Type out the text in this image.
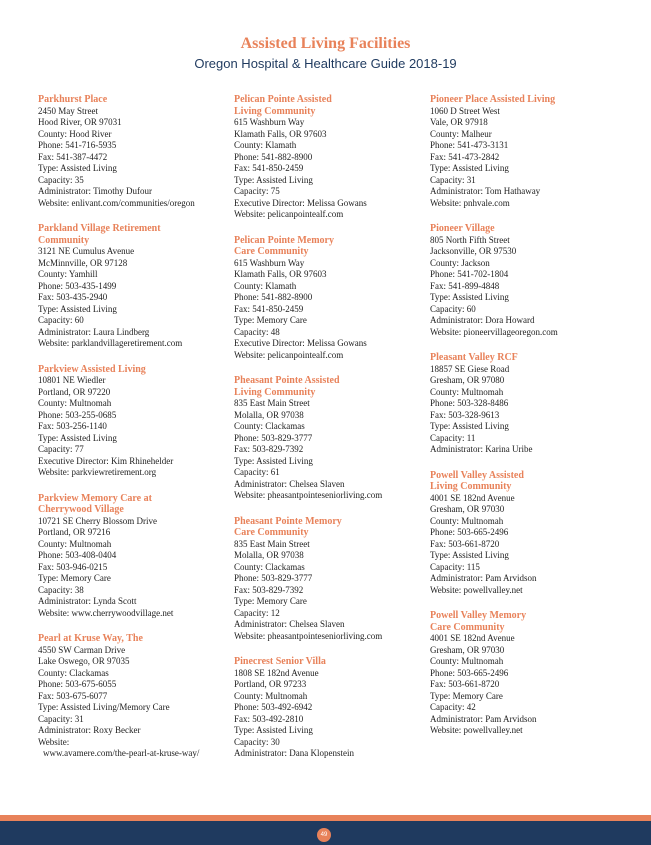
Assisted Living Facilities
Oregon Hospital & Healthcare Guide 2018-19
Parkhurst Place
2450 May Street
Hood River, OR 97031
County: Hood River
Phone: 541-716-5935
Fax: 541-387-4472
Type: Assisted Living
Capacity: 35
Administrator: Timothy Dufour
Website: enlivant.com/communities/oregon
Parkland Village Retirement
Community
3121 NE Cumulus Avenue
McMinnville, OR 97128
County: Yamhill
Phone: 503-435-1499
Fax: 503-435-2940
Type: Assisted Living
Capacity: 60
Administrator: Laura Lindberg
Website: parklandvillageretirement.com
Parkview Assisted Living
10801 NE Wiedler
Portland, OR 97220
County: Multnomah
Phone: 503-255-0685
Fax: 503-256-1140
Type: Assisted Living
Capacity: 77
Executive Director: Kim Rhinehelder
Website: parkviewretirement.org
Parkview Memory Care at
Cherrywood Village
10721 SE Cherry Blossom Drive
Portland, OR 97216
County: Multnomah
Phone: 503-408-0404
Fax: 503-946-0215
Type: Memory Care
Capacity: 38
Administrator: Lynda Scott
Website: www.cherrywoodvillage.net
Pearl at Kruse Way, The
4550 SW Carman Drive
Lake Oswego, OR 97035
County: Clackamas
Phone: 503-675-6055
Fax: 503-675-6077
Type: Assisted Living/Memory Care
Capacity: 31
Administrator: Roxy Becker
Website:
www.avamere.com/the-pearl-at-kruse-way/
Pelican Pointe Assisted
Living Community
615 Washburn Way
Klamath Falls, OR 97603
County: Klamath
Phone: 541-882-8900
Fax: 541-850-2459
Type: Assisted Living
Capacity: 75
Executive Director: Melissa Gowans
Website: pelicanpointealf.com
Pelican Pointe Memory
Care Community
615 Washburn Way
Klamath Falls, OR 97603
County: Klamath
Phone: 541-882-8900
Fax: 541-850-2459
Type: Memory Care
Capacity: 48
Executive Director: Melissa Gowans
Website: pelicanpointealf.com
Pheasant Pointe Assisted
Living Community
835 East Main Street
Molalla, OR 97038
County: Clackamas
Phone: 503-829-3777
Fax: 503-829-7392
Type: Assisted Living
Capacity: 61
Administrator: Chelsea Slaven
Website: pheasantpointeseniorliving.com
Pheasant Pointe Memory
Care Community
835 East Main Street
Molalla, OR 97038
County: Clackamas
Phone: 503-829-3777
Fax: 503-829-7392
Type: Memory Care
Capacity: 12
Administrator: Chelsea Slaven
Website: pheasantpointeseniorliving.com
Pinecrest Senior Villa
1808 SE 182nd Avenue
Portland, OR 97233
County: Multnomah
Phone: 503-492-6942
Fax: 503-492-2810
Type: Assisted Living
Capacity: 30
Administrator: Dana Klopenstein
Pioneer Place Assisted Living
1060 D Street West
Vale, OR 97918
County: Malheur
Phone: 541-473-3131
Fax: 541-473-2842
Type: Assisted Living
Capacity: 31
Administrator: Tom Hathaway
Website: pnhvale.com
Pioneer Village
805 North Fifth Street
Jacksonville, OR 97530
County: Jackson
Phone: 541-702-1804
Fax: 541-899-4848
Type: Assisted Living
Capacity: 60
Administrator: Dora Howard
Website: pioneervillageoregon.com
Pleasant Valley RCF
18857 SE Giese Road
Gresham, OR 97080
County: Multnomah
Phone: 503-328-8486
Fax: 503-328-9613
Type: Assisted Living
Capacity: 11
Administrator: Karina Uribe
Powell Valley Assisted
Living Community
4001 SE 182nd Avenue
Gresham, OR 97030
County: Multnomah
Phone: 503-665-2496
Fax: 503-661-8720
Type: Assisted Living
Capacity: 115
Administrator: Pam Arvidson
Website: powellvalley.net
Powell Valley Memory
Care Community
4001 SE 182nd Avenue
Gresham, OR 97030
County: Multnomah
Phone: 503-665-2496
Fax: 503-661-8720
Type: Memory Care
Capacity: 42
Administrator: Pam Arvidson
Website: powellvalley.net
49
